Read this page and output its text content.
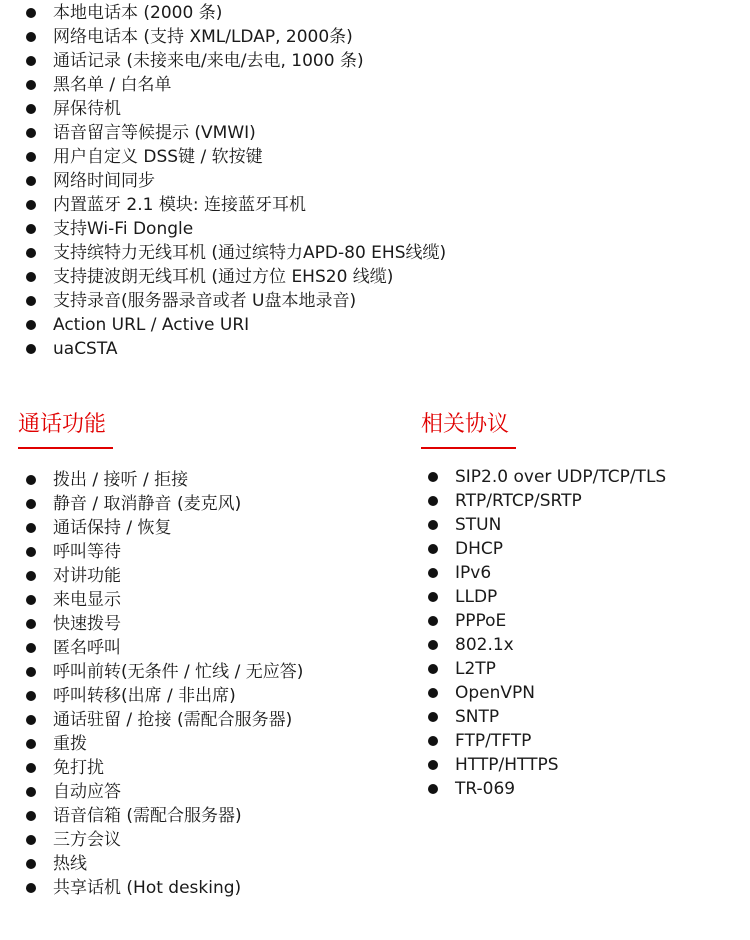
本地电话本 (2000 条)
网络电话本 (支持 XML/LDAP, 2000条)
通话记录 (未接来电/来电/去电, 1000 条)
黑名单 / 白名单
屏保待机
语音留言等候提示 (VMWI)
用户自定义 DSS键 / 软按键
网络时间同步
内置蓝牙 2.1 模块: 连接蓝牙耳机
支持Wi-Fi Dongle
支持缤特力无线耳机 (通过缤特力APD-80 EHS线缆)
支持捷波朗无线耳机 (通过方位 EHS20 线缆)
支持录音(服务器录音或者 U盘本地录音)
Action URL / Active URI
uaCSTA
通话功能
拨出 / 接听 / 拒接
静音 / 取消静音 (麦克风)
通话保持 / 恢复
呼叫等待
对讲功能
来电显示
快速拨号
匿名呼叫
呼叫前转(无条件 / 忙线 / 无应答)
呼叫转移(出席 / 非出席)
通话驻留 / 抢接 (需配合服务器)
重拨
免打扰
自动应答
语音信箱 (需配合服务器)
三方会议
热线
共享话机 (Hot desking)
相关协议
SIP2.0 over UDP/TCP/TLS
RTP/RTCP/SRTP
STUN
DHCP
IPv6
LLDP
PPPoE
802.1x
L2TP
OpenVPN
SNTP
FTP/TFTP
HTTP/HTTPS
TR-069
